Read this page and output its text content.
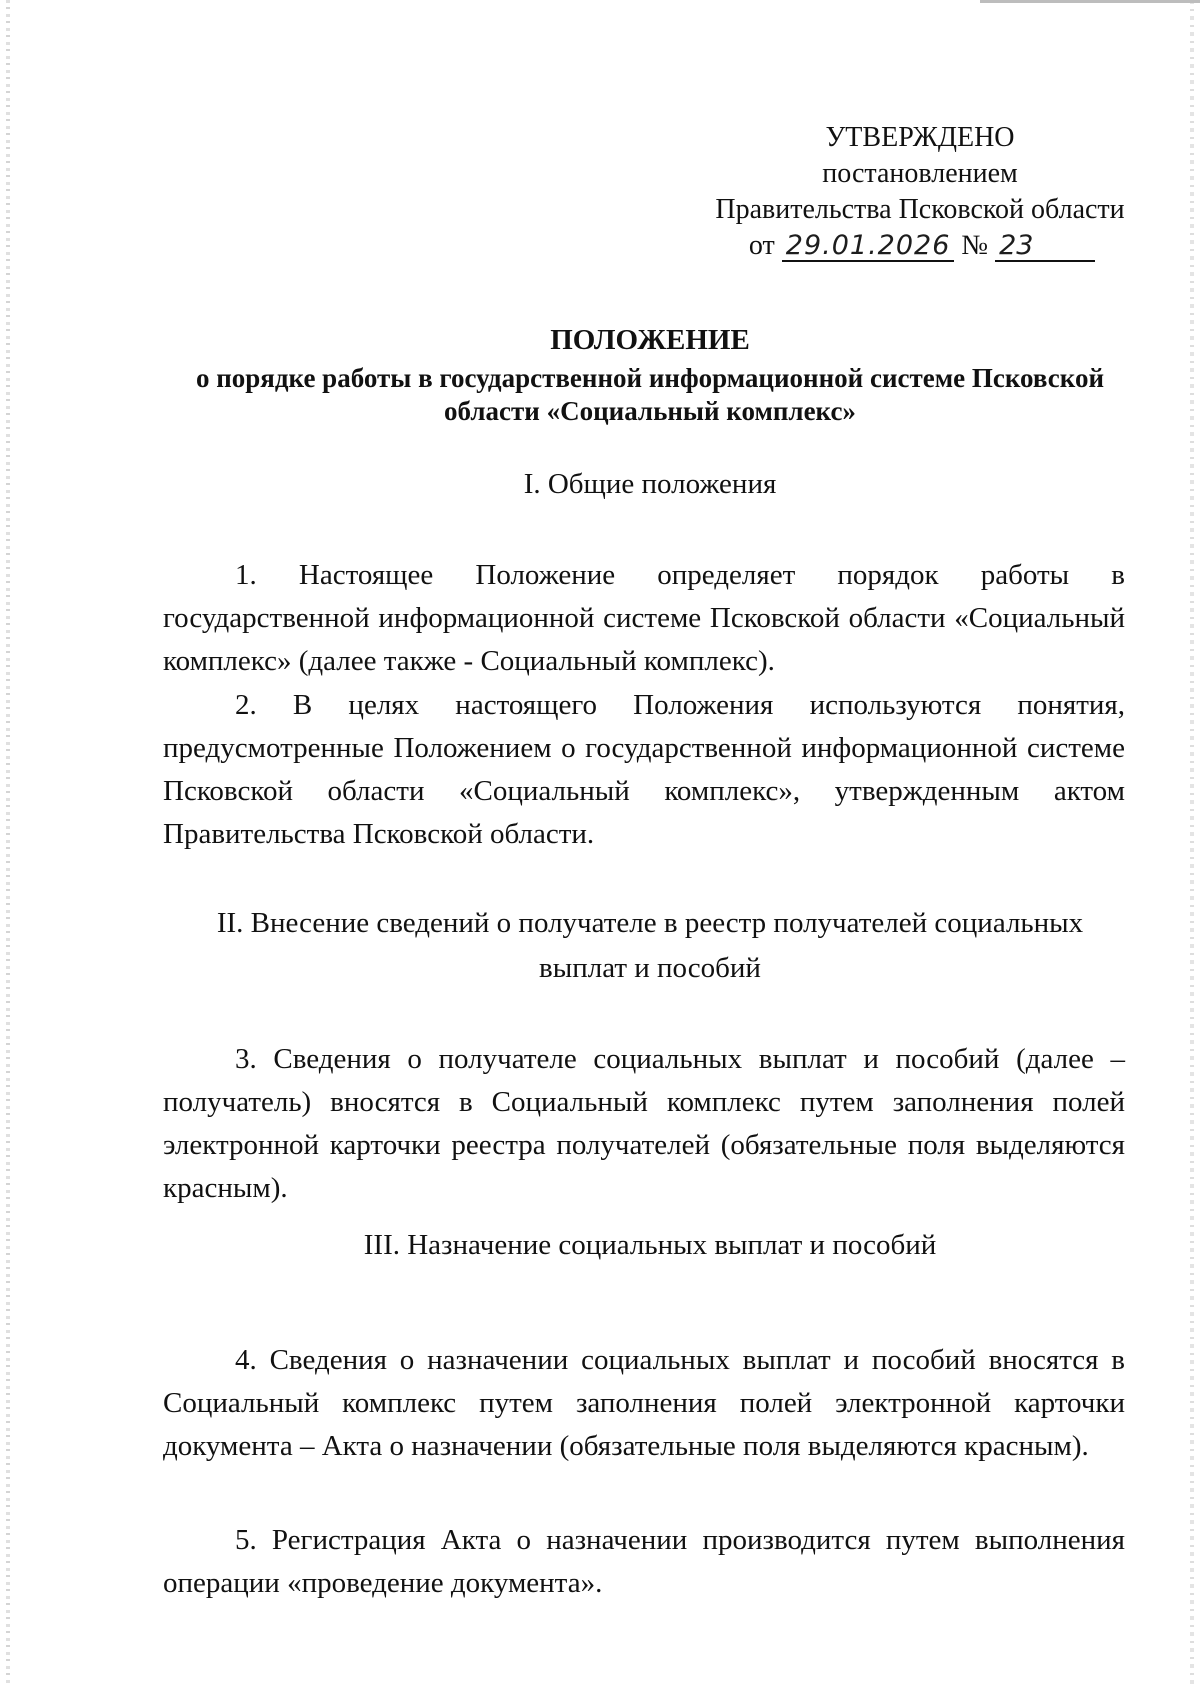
УТВЕРЖДЕНО
постановлением
Правительства Псковской области
от 29.01.2026 № 23
ПОЛОЖЕНИЕ
о порядке работы в государственной информационной системе Псковской области «Социальный комплекс»
I. Общие положения

1. Настоящее Положение определяет порядок работы в государственной информационной системе Псковской области «Социальный комплекс» (далее также - Социальный комплекс).

2. В целях настоящего Положения используются понятия, предусмотренные Положением о государственной информационной системе Псковской области «Социальный комплекс», утвержденным актом Правительства Псковской области.

II. Внесение сведений о получателе в реестр получателей социальных выплат и пособий

3. Сведения о получателе социальных выплат и пособий (далее – получатель) вносятся в Социальный комплекс путем заполнения полей электронной карточки реестра получателей (обязательные поля выделяются красным).

III. Назначение социальных выплат и пособий

4. Сведения о назначении социальных выплат и пособий вносятся в Социальный комплекс путем заполнения полей электронной карточки документа – Акта о назначении (обязательные поля выделяются красным).

5. Регистрация Акта о назначении производится путем выполнения операции «проведение документа».
